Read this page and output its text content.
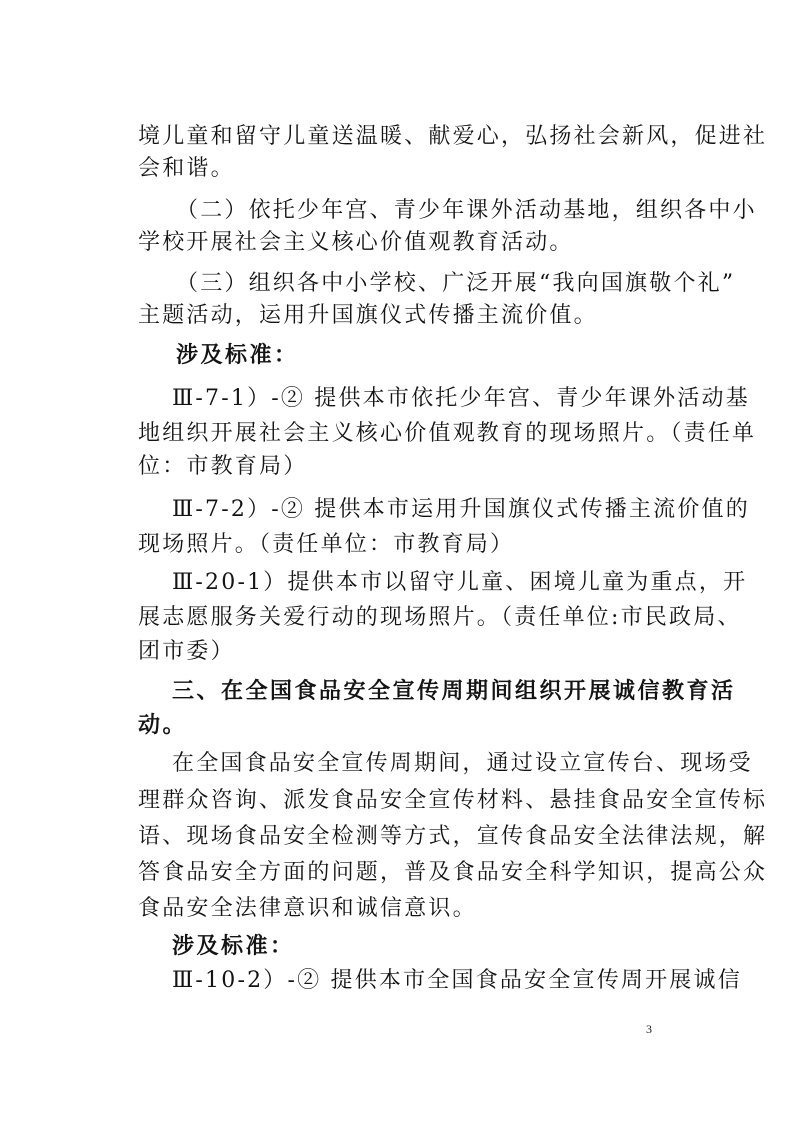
境儿童和留守儿童送温暖、献爱心，弘扬社会新风，促进社
会和谐。
（二）依托少年宫、青少年课外活动基地，组织各中小
学校开展社会主义核心价值观教育活动。
（三）组织各中小学校、广泛开展“我向国旗敬个礼”
主题活动，运用升国旗仪式传播主流价值。
涉及标准：
Ⅲ-7-1）-② 提供本市依托少年宫、青少年课外活动基
地组织开展社会主义核心价值观教育的现场照片。（责任单
位：市教育局）
Ⅲ-7-2）-② 提供本市运用升国旗仪式传播主流价值的
现场照片。（责任单位：市教育局）
Ⅲ-20-1）提供本市以留守儿童、困境儿童为重点，开
展志愿服务关爱行动的现场照片。（责任单位:市民政局、
团市委）
三、在全国食品安全宣传周期间组织开展诚信教育活
动。
在全国食品安全宣传周期间，通过设立宣传台、现场受
理群众咨询、派发食品安全宣传材料、悬挂食品安全宣传标
语、现场食品安全检测等方式，宣传食品安全法律法规，解
答食品安全方面的问题，普及食品安全科学知识，提高公众
食品安全法律意识和诚信意识。
涉及标准：
Ⅲ-10-2）-② 提供本市全国食品安全宣传周开展诚信
3
